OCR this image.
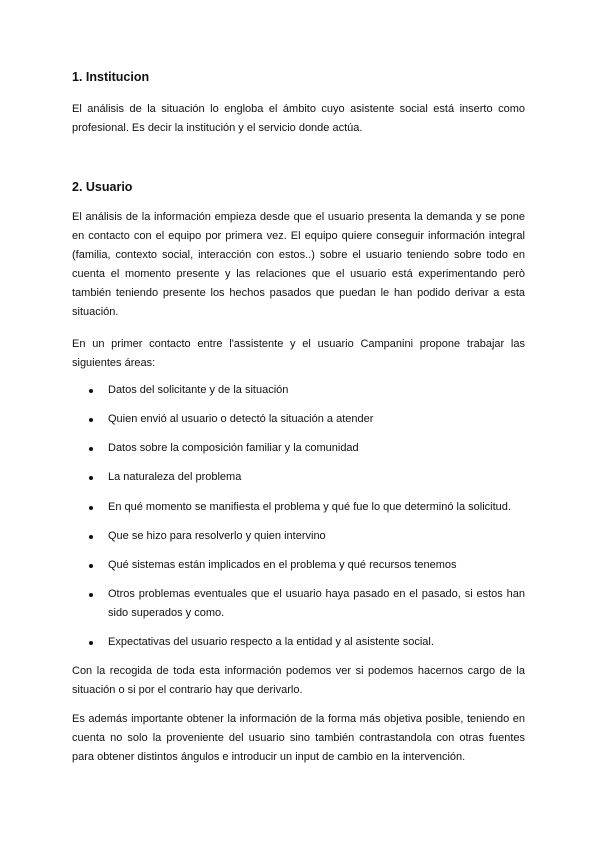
1. Institucion

El análisis de la situación lo engloba el ámbito cuyo asistente social está inserto como profesional. Es decir la institución y el servicio donde actúa.

2. Usuario

El análisis de la información empieza desde que el usuario presenta la demanda y se pone en contacto con el equipo por primera vez. El equipo quiere conseguir información integral (familia, contexto social, interacción con estos..) sobre el usuario teniendo sobre todo en cuenta el momento presente y las relaciones que el usuario está experimentando però también teniendo presente los hechos pasados que puedan le han podido derivar a esta situación.

En un primer contacto entre l'assistente y el usuario Campanini propone trabajar las siguientes áreas:

Datos del solicitante y de la situación
Quien envió al usuario o detectó la situación a atender
Datos sobre la composición familiar y la comunidad
La naturaleza del problema
En qué momento se manifiesta el problema y qué fue lo que determinó la solicitud.
Que se hizo para resolverlo y quien intervino
Qué sistemas están implicados en el problema y qué recursos tenemos
Otros problemas eventuales que el usuario haya pasado en el pasado, si estos han sido superados y como.
Expectativas del usuario respecto a la entidad y al asistente social.

Con la recogida de toda esta información podemos ver si podemos hacernos cargo de la situación o si por el contrario hay que derivarlo.

Es además importante obtener la información de la forma más objetiva posible, teniendo en cuenta no solo la proveniente del usuario sino también contrastandola con otras fuentes para obtener distintos ángulos e introducir un input de cambio en la intervención.
